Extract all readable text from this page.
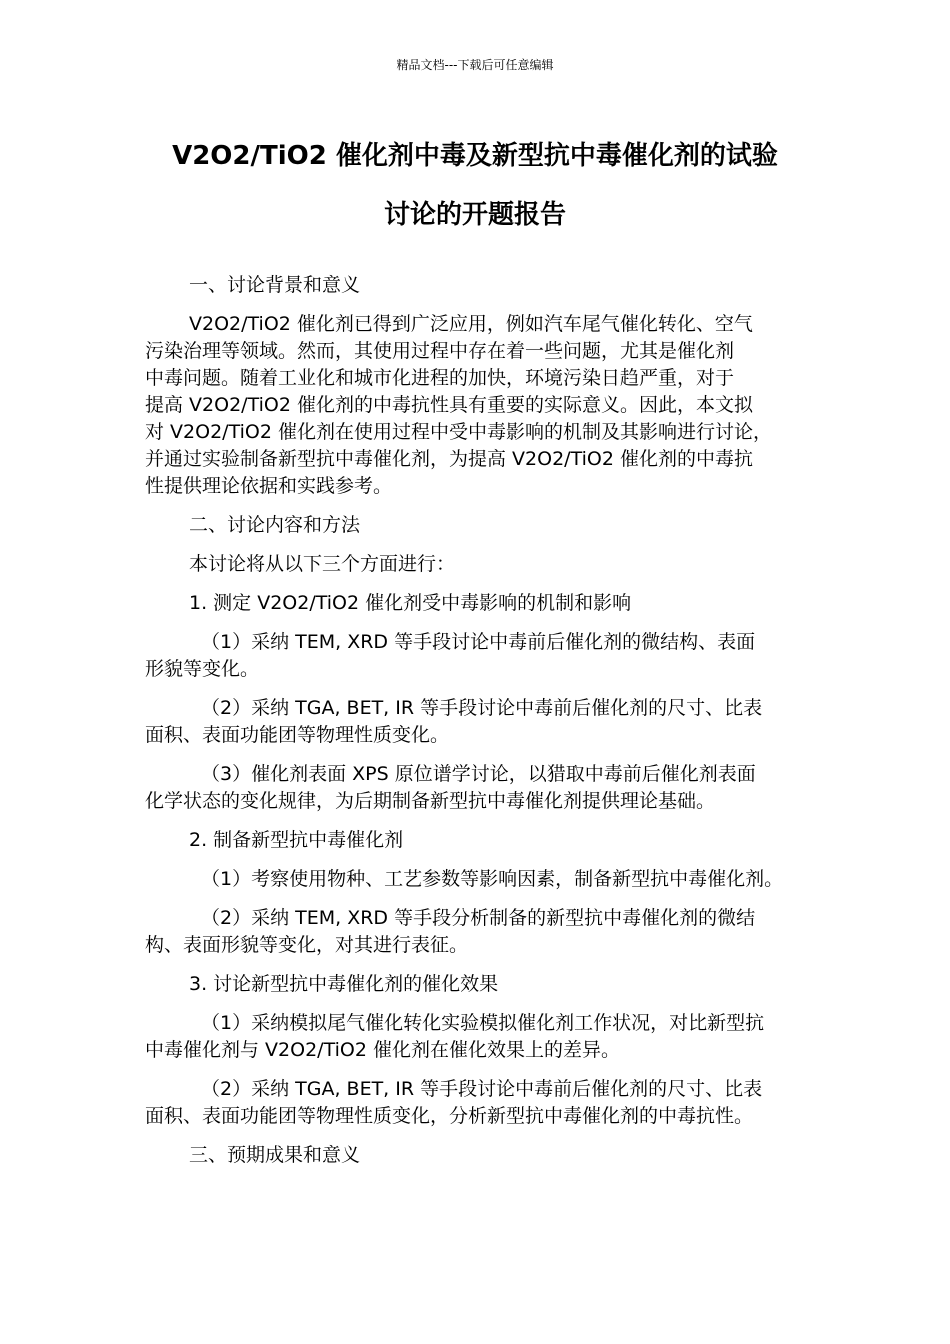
精品文档---下载后可任意编辑
V2O2/TiO2 催化剂中毒及新型抗中毒催化剂的试验
讨论的开题报告

一、讨论背景和意义

V2O2/TiO2 催化剂已得到广泛应用，例如汽车尾气催化转化、空气

污染治理等领域。然而，其使用过程中存在着一些问题，尤其是催化剂

中毒问题。随着工业化和城市化进程的加快，环境污染日趋严重，对于

提高 V2O2/TiO2 催化剂的中毒抗性具有重要的实际意义。因此，本文拟

对 V2O2/TiO2 催化剂在使用过程中受中毒影响的机制及其影响进行讨论，

并通过实验制备新型抗中毒催化剂，为提高 V2O2/TiO2 催化剂的中毒抗

性提供理论依据和实践参考。

二、讨论内容和方法

本讨论将从以下三个方面进行：

1. 测定 V2O2/TiO2 催化剂受中毒影响的机制和影响

（1）采纳 TEM, XRD 等手段讨论中毒前后催化剂的微结构、表面

形貌等变化。

（2）采纳 TGA, BET, IR 等手段讨论中毒前后催化剂的尺寸、比表

面积、表面功能团等物理性质变化。

（3）催化剂表面 XPS 原位谱学讨论，以猎取中毒前后催化剂表面

化学状态的变化规律，为后期制备新型抗中毒催化剂提供理论基础。

2. 制备新型抗中毒催化剂

（1）考察使用物种、工艺参数等影响因素，制备新型抗中毒催化剂。

（2）采纳 TEM, XRD 等手段分析制备的新型抗中毒催化剂的微结

构、表面形貌等变化，对其进行表征。

3. 讨论新型抗中毒催化剂的催化效果

（1）采纳模拟尾气催化转化实验模拟催化剂工作状况，对比新型抗

中毒催化剂与 V2O2/TiO2 催化剂在催化效果上的差异。

（2）采纳 TGA, BET, IR 等手段讨论中毒前后催化剂的尺寸、比表

面积、表面功能团等物理性质变化，分析新型抗中毒催化剂的中毒抗性。

三、预期成果和意义
